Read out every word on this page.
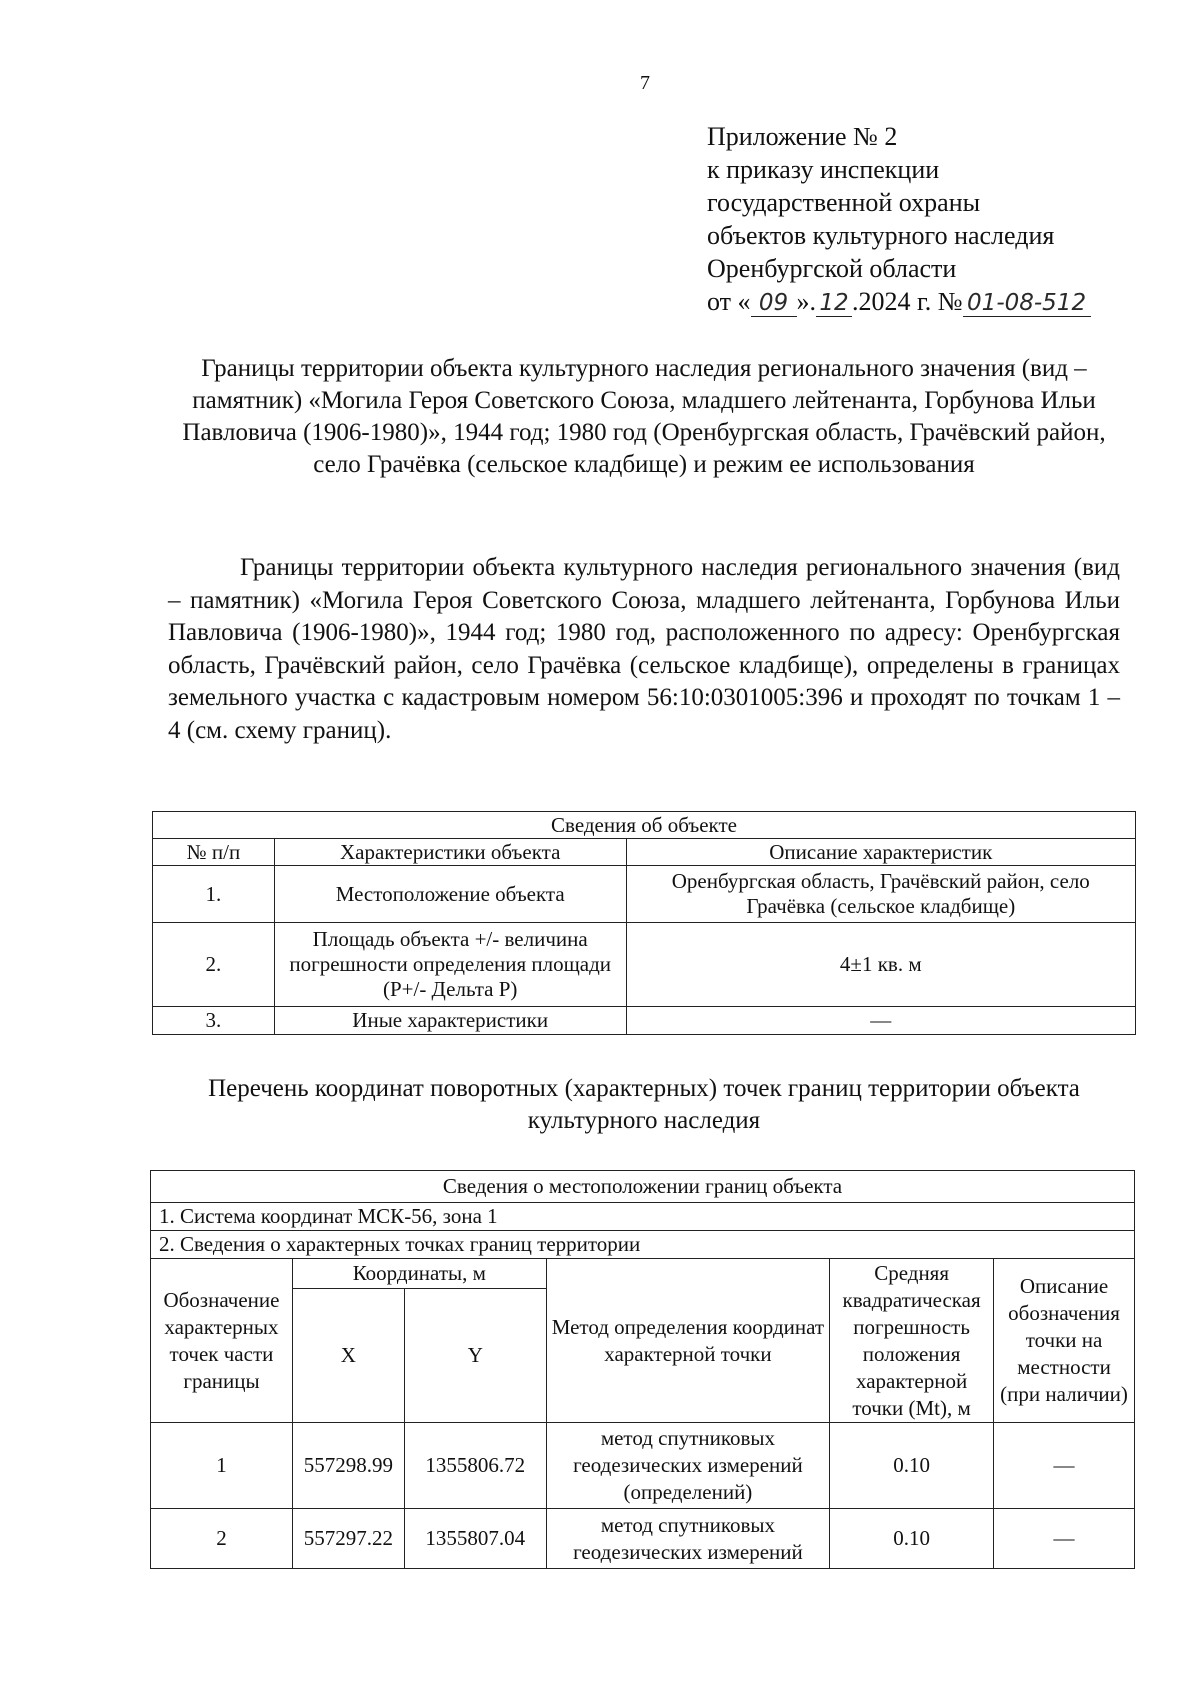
7
Приложение № 2
к приказу инспекции
государственной охраны
объектов культурного наследия
Оренбургской области
от « 09 ». 12 .2024 г. № 01-08-512
Границы территории объекта культурного наследия регионального значения (вид – памятник) «Могила Героя Советского Союза, младшего лейтенанта, Горбунова Ильи Павловича (1906-1980)», 1944 год; 1980 год (Оренбургская область, Грачёвский район, село Грачёвка (сельское кладбище) и режим ее использования
Границы территории объекта культурного наследия регионального значения (вид – памятник) «Могила Героя Советского Союза, младшего лейтенанта, Горбунова Ильи Павловича (1906-1980)», 1944 год; 1980 год, расположенного по адресу: Оренбургская область, Грачёвский район, село Грачёвка (сельское кладбище), определены в границах земельного участка с кадастровым номером 56:10:0301005:396 и проходят по точкам 1 – 4 (см. схему границ).
Сведения об объекте		
№ п/п	Характеристики объекта	Описание характеристик
1.	Местоположение объекта	Оренбургская область, Грачёвский район, село Грачёвка (сельское кладбище)
2.	Площадь объекта +/- величина погрешности определения площади (Р+/- Дельта Р)	4±1 кв. м
3.	Иные характеристики	—
Перечень координат поворотных (характерных) точек границ территории объекта культурного наследия
Сведения о местоположении границ объекта					
1. Система координат МСК-56, зона 1					
2. Сведения о характерных точках границ территории					
Обозначение характерных точек части границы	Координаты, м		Метод определения координат характерной точки	Средняя квадратическая погрешность положения характерной точки (Mt), м	Описание обозначения точки на местности (при наличии)
	X	Y			
1	557298.99	1355806.72	метод спутниковых геодезических измерений (определений)	0.10	—
2	557297.22	1355807.04	метод спутниковых геодезических измерений	0.10	—
